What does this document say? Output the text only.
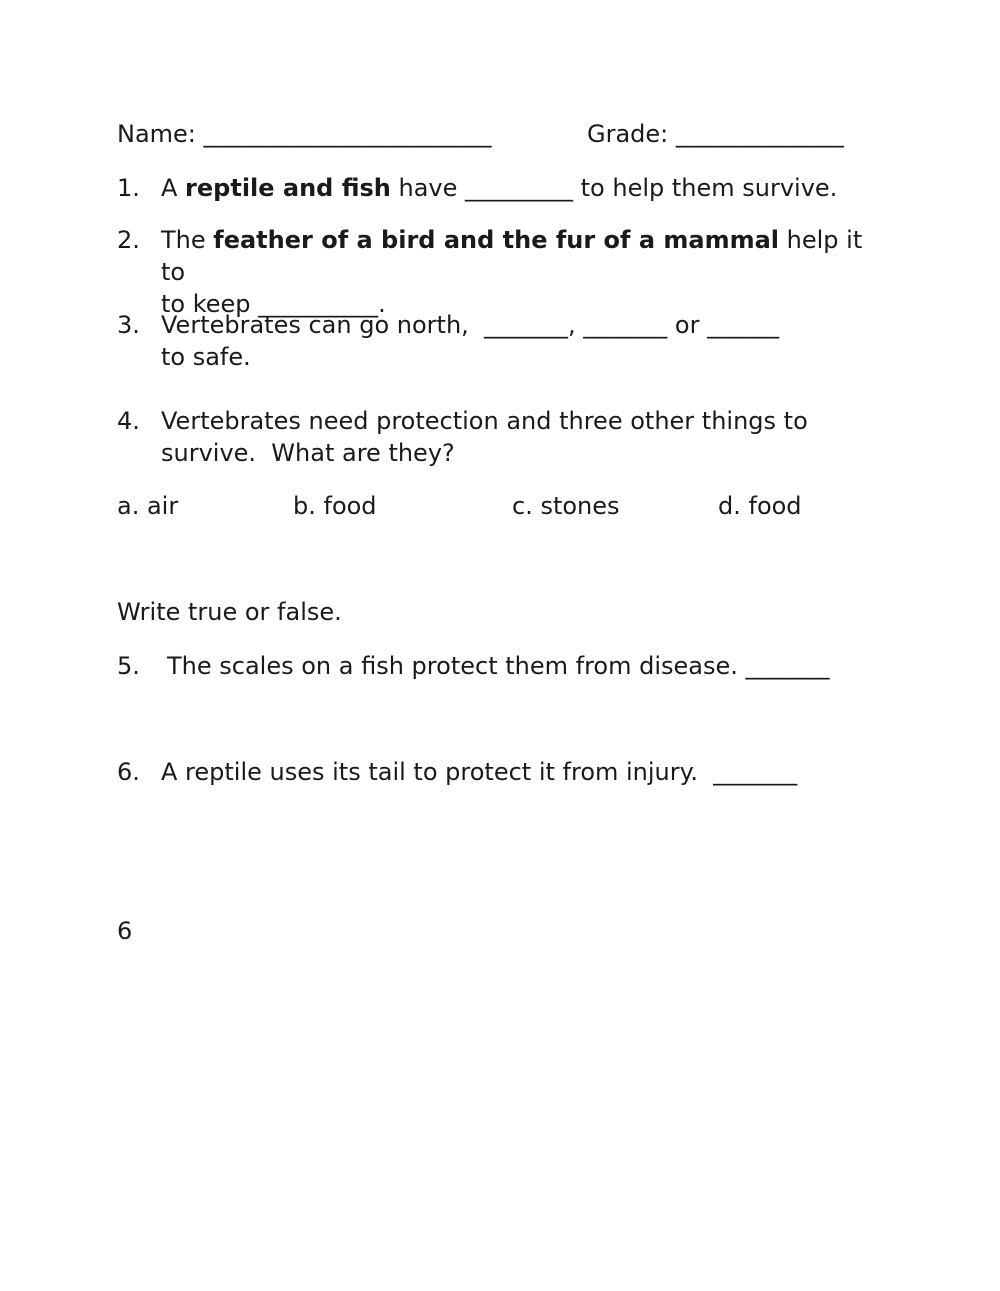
Name: ________________________	Grade: ______________
1. A reptile and fish have _________ to help them survive.
2. The feather of a bird and the fur of a mammal help it to
to keep __________.
3. Vertebrates can go north,  _______, _______ or ______
to safe.
4. Vertebrates need protection and three other things to
survive.  What are they?
a. air	b. food	c. stones	d. food
Write true or false.
5.	The scales on a fish protect them from disease. _______
6. A reptile uses its tail to protect it from injury.  _______
6
